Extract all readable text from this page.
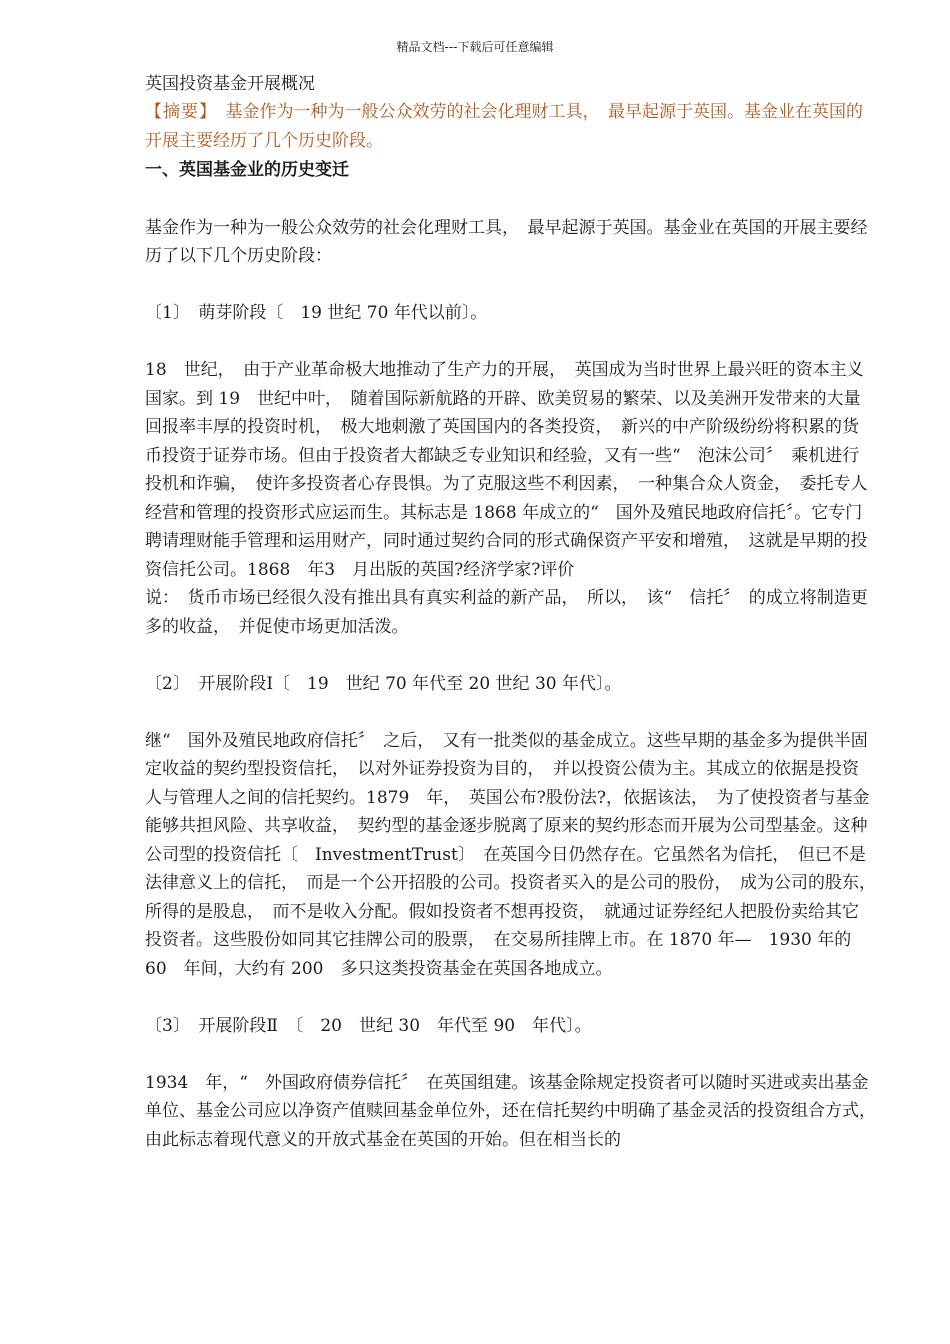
精品文档---下载后可任意编辑

英国投资基金开展概况

【摘要】　基金作为一种为一般公众效劳的社会化理财工具，　最早起源于英国。基金业在英国的开展主要经历了几个历史阶段。

一、英国基金业的历史变迁

基金作为一种为一般公众效劳的社会化理财工具，　最早起源于英国。基金业在英国的开展主要经历了以下几个历史阶段：

〔1〕　萌芽阶段〔　19 世纪 70 年代以前〕。

18　世纪，　由于产业革命极大地推动了生产力的开展，　英国成为当时世界上最兴旺的资本主义国家。到 19　世纪中叶，　随着国际新航路的开辟、欧美贸易的繁荣、以及美洲开发带来的大量回报率丰厚的投资时机，　极大地刺激了英国国内的各类投资，　新兴的中产阶级纷纷将积累的货币投资于证券市场。但由于投资者大都缺乏专业知识和经验，又有一些“　泡沫公司〞　乘机进行投机和诈骗，　使许多投资者心存畏惧。为了克服这些不利因素，　一种集合众人资金，　委托专人经营和管理的投资形式应运而生。其标志是 1868 年成立的“　国外及殖民地政府信托〞。它专门聘请理财能手管理和运用财产，同时通过契约合同的形式确保资产平安和增殖，　这就是早期的投资信托公司。1868　年3　月出版的英国?经济学家?评价

说：　货币市场已经很久没有推出具有真实利益的新产品，　所以，　该“　信托〞　的成立将制造更多的收益，　并促使市场更加活泼。

〔2〕　开展阶段Ⅰ〔　19　世纪 70 年代至 20 世纪 30 年代〕。

继“　国外及殖民地政府信托〞　之后，　又有一批类似的基金成立。这些早期的基金多为提供半固定收益的契约型投资信托，　以对外证券投资为目的，　并以投资公债为主。其成立的依据是投资人与管理人之间的信托契约。1879　年，　英国公布?股份法?，依据该法，　为了使投资者与基金能够共担风险、共享收益，　契约型的基金逐步脱离了原来的契约形态而开展为公司型基金。这种公司型的投资信托〔　InvestmentTrust〕　在英国今日仍然存在。它虽然名为信托，　但已不是法律意义上的信托，　而是一个公开招股的公司。投资者买入的是公司的股份，　成为公司的股东，　所得的是股息，　而不是收入分配。假如投资者不想再投资，　就通过证券经纪人把股份卖给其它投资者。这些股份如同其它挂牌公司的股票，　在交易所挂牌上市。在 1870 年—　1930 年的 60　年间，大约有 200　多只这类投资基金在英国各地成立。

〔3〕　开展阶段Ⅱ　〔　20　世纪 30　年代至 90　年代〕。

1934　年，“　外国政府债券信托〞　在英国组建。该基金除规定投资者可以随时买进或卖出基金单位、基金公司应以净资产值赎回基金单位外，还在信托契约中明确了基金灵活的投资组合方式，　由此标志着现代意义的开放式基金在英国的开始。但在相当长的
